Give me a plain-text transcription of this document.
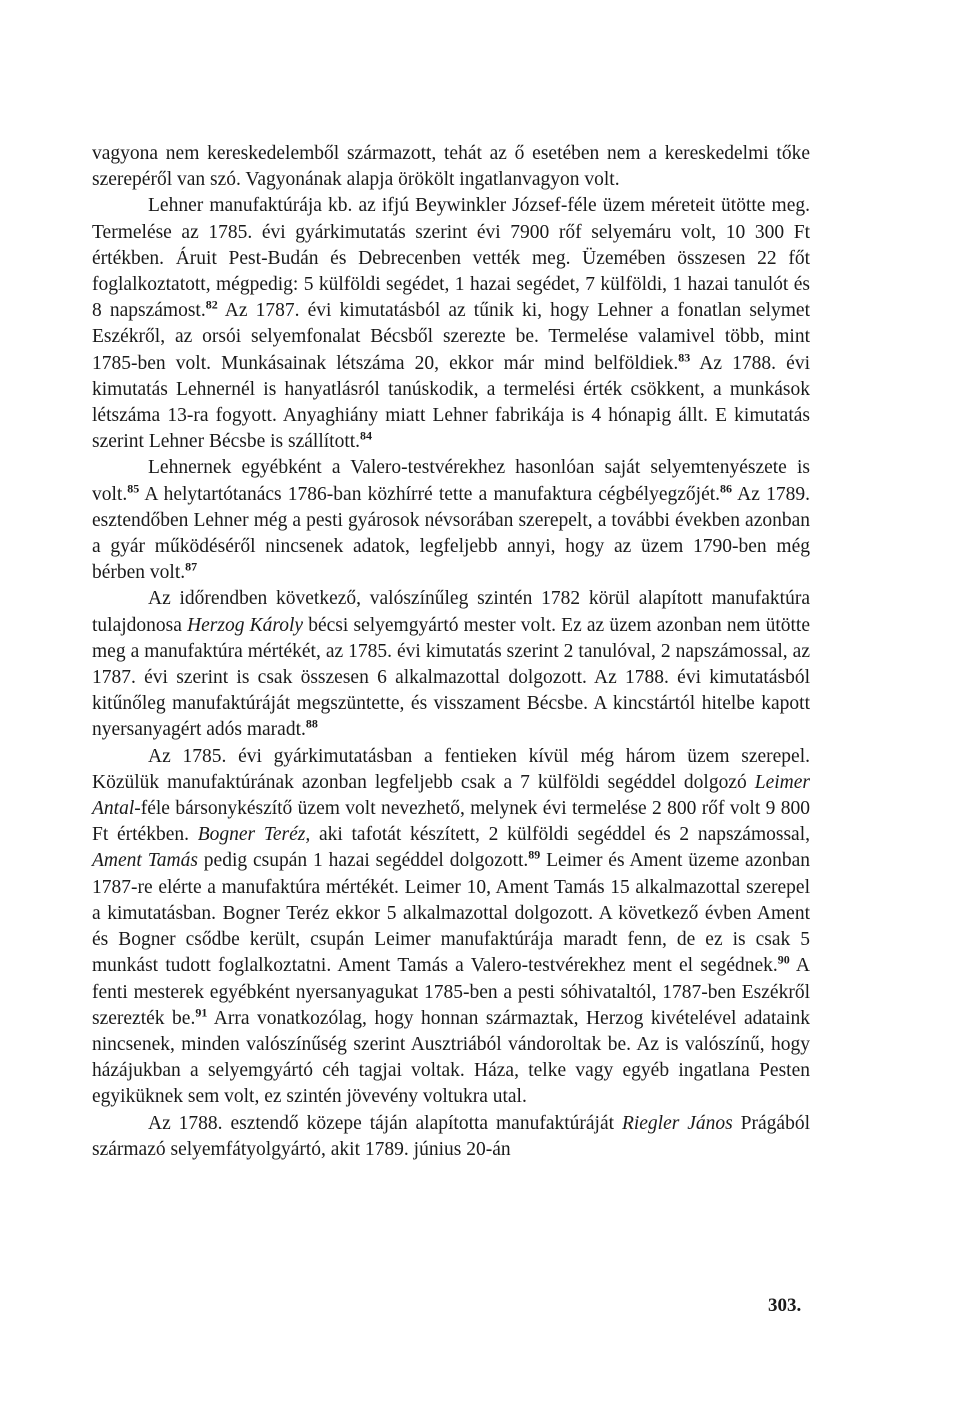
vagyona nem kereskedelemből származott, tehát az ő esetében nem a kereskedelmi tőke szerepéről van szó. Vagyonának alapja örökölt ingatlanvagyon volt.

Lehner manufaktúrája kb. az ifjú Beywinkler József-féle üzem méreteit ütötte meg. Termelése az 1785. évi gyárkimutatás szerint évi 7900 rőf selyemáru volt, 10 300 Ft értékben. Áruit Pest-Budán és Debrecenben vették meg. Üzemében összesen 22 főt foglalkoztatott, mégpedig: 5 külföldi segédet, 1 hazai segédet, 7 külföldi, 1 hazai tanulót és 8 napszámost.$^{82}$ Az 1787. évi kimutatásból az tűnik ki, hogy Lehner a fonatlan selymet Eszékről, az orsói selyemfonalat Bécsből szerezte be. Termelése valamivel több, mint 1785-ben volt. Munkásainak létszáma 20, ekkor már mind belföldiek.$^{83}$ Az 1788. évi kimutatás Lehnernél is hanyatlásról tanúskodik, a termelési érték csökkent, a munkások létszáma 13-ra fogyott. Anyaghiány miatt Lehner fabrikája is 4 hónapig állt. E kimutatás szerint Lehner Bécsbe is szállított.$^{84}$

Lehnernek egyébként a Valero-testvérekhez hasonlóan saját selyemtenyészete is volt.$^{85}$ A helytartótanács 1786-ban közhírré tette a manufaktura cégbélyegzőjét.$^{86}$ Az 1789. esztendőben Lehner még a pesti gyárosok névsorában szerepelt, a további években azonban a gyár működéséről nincsenek adatok, legfeljebb annyi, hogy az üzem 1790-ben még bérben volt.$^{87}$

Az időrendben következő, valószínűleg szintén 1782 körül alapított manufaktúra tulajdonosa Herzog Károly bécsi selyemgyártó mester volt. Ez az üzem azonban nem ütötte meg a manufaktúra mértékét, az 1785. évi kimutatás szerint 2 tanulóval, 2 napszámossal, az 1787. évi szerint is csak összesen 6 alkalmazottal dolgozott. Az 1788. évi kimutatásból kitűnőleg manufaktúráját megszüntette, és visszament Bécsbe. A kincstártól hitelbe kapott nyersanyagért adós maradt.$^{88}$

Az 1785. évi gyárkimutatásban a fentieken kívül még három üzem szerepel. Közülük manufaktúrának azonban legfeljebb csak a 7 külföldi segéddel dolgozó Leimer Antal-féle bársonykészítő üzem volt nevezhető, melynek évi termelése 2 800 rőf volt 9 800 Ft értékben. Bogner Teréz, aki tafotát készített, 2 külföldi segéddel és 2 napszámossal, Ament Tamás pedig csupán 1 hazai segéddel dolgozott.$^{89}$ Leimer és Ament üzeme azonban 1787-re elérte a manufaktúra mértékét. Leimer 10, Ament Tamás 15 alkalmazottal szerepel a kimutatásban. Bogner Teréz ekkor 5 alkalmazottal dolgozott. A következő évben Ament és Bogner csődbe került, csupán Leimer manufaktúrája maradt fenn, de ez is csak 5 munkást tudott foglalkoztatni. Ament Tamás a Valero-testvérekhez ment el segédnek.$^{90}$ A fenti mesterek egyébként nyersanyagukat 1785-ben a pesti sóhivataltól, 1787-ben Eszékről szerezték be.$^{91}$ Arra vonatkozólag, hogy honnan származtak, Herzog kivételével adataink nincsenek, minden valószínűség szerint Ausztriából vándoroltak be. Az is valószínű, hogy házájukban a selyemgyártó céh tagjai voltak. Háza, telke vagy egyéb ingatlana Pesten egyiküknek sem volt, ez szintén jövevény voltukra utal.

Az 1788. esztendő közepe táján alapította manufaktúráját Riegler János Prágából származó selyemfátyolgyártó, akit 1789. június 20-án

303.
